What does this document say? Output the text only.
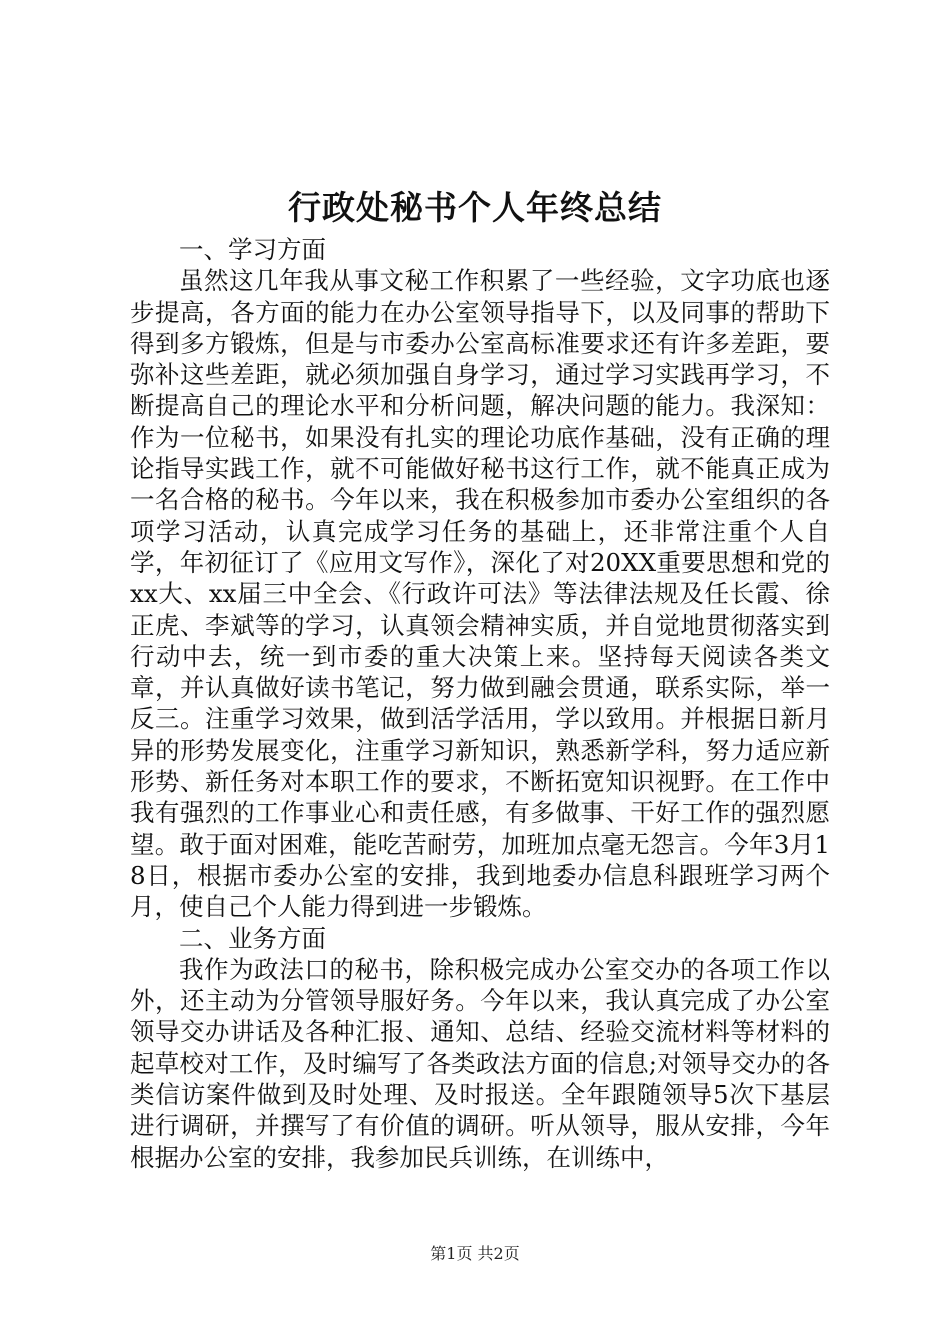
行政处秘书个人年终总结

一、学习方面

虽然这几年我从事文秘工作积累了一些经验，文字功底也逐步提高，各方面的能力在办公室领导指导下，以及同事的帮助下得到多方锻炼，但是与市委办公室高标准要求还有许多差距，要弥补这些差距，就必须加强自身学习，通过学习实践再学习，不断提高自己的理论水平和分析问题，解决问题的能力。我深知：作为一位秘书，如果没有扎实的理论功底作基础，没有正确的理论指导实践工作，就不可能做好秘书这行工作，就不能真正成为一名合格的秘书。今年以来，我在积极参加市委办公室组织的各项学习活动，认真完成学习任务的基础上，还非常注重个人自学，年初征订了《应用文写作》，深化了对20XX重要思想和党的xx大、xx届三中全会、《行政许可法》等法律法规及任长霞、徐正虎、李斌等的学习，认真领会精神实质，并自觉地贯彻落实到行动中去，统一到市委的重大决策上来。坚持每天阅读各类文章，并认真做好读书笔记，努力做到融会贯通，联系实际，举一反三。注重学习效果，做到活学活用，学以致用。并根据日新月异的形势发展变化，注重学习新知识，熟悉新学科，努力适应新形势、新任务对本职工作的要求，不断拓宽知识视野。在工作中我有强烈的工作事业心和责任感，有多做事、干好工作的强烈愿望。敢于面对困难，能吃苦耐劳，加班加点毫无怨言。今年3月18日，根据市委办公室的安排，我到地委办信息科跟班学习两个月，使自己个人能力得到进一步锻炼。

二、业务方面

我作为政法口的秘书，除积极完成办公室交办的各项工作以外，还主动为分管领导服好务。今年以来，我认真完成了办公室领导交办讲话及各种汇报、通知、总结、经验交流材料等材料的起草校对工作，及时编写了各类政法方面的信息;对领导交办的各类信访案件做到及时处理、及时报送。全年跟随领导5次下基层进行调研，并撰写了有价值的调研。听从领导，服从安排，今年根据办公室的安排，我参加民兵训练，在训练中，

第1页 共2页
